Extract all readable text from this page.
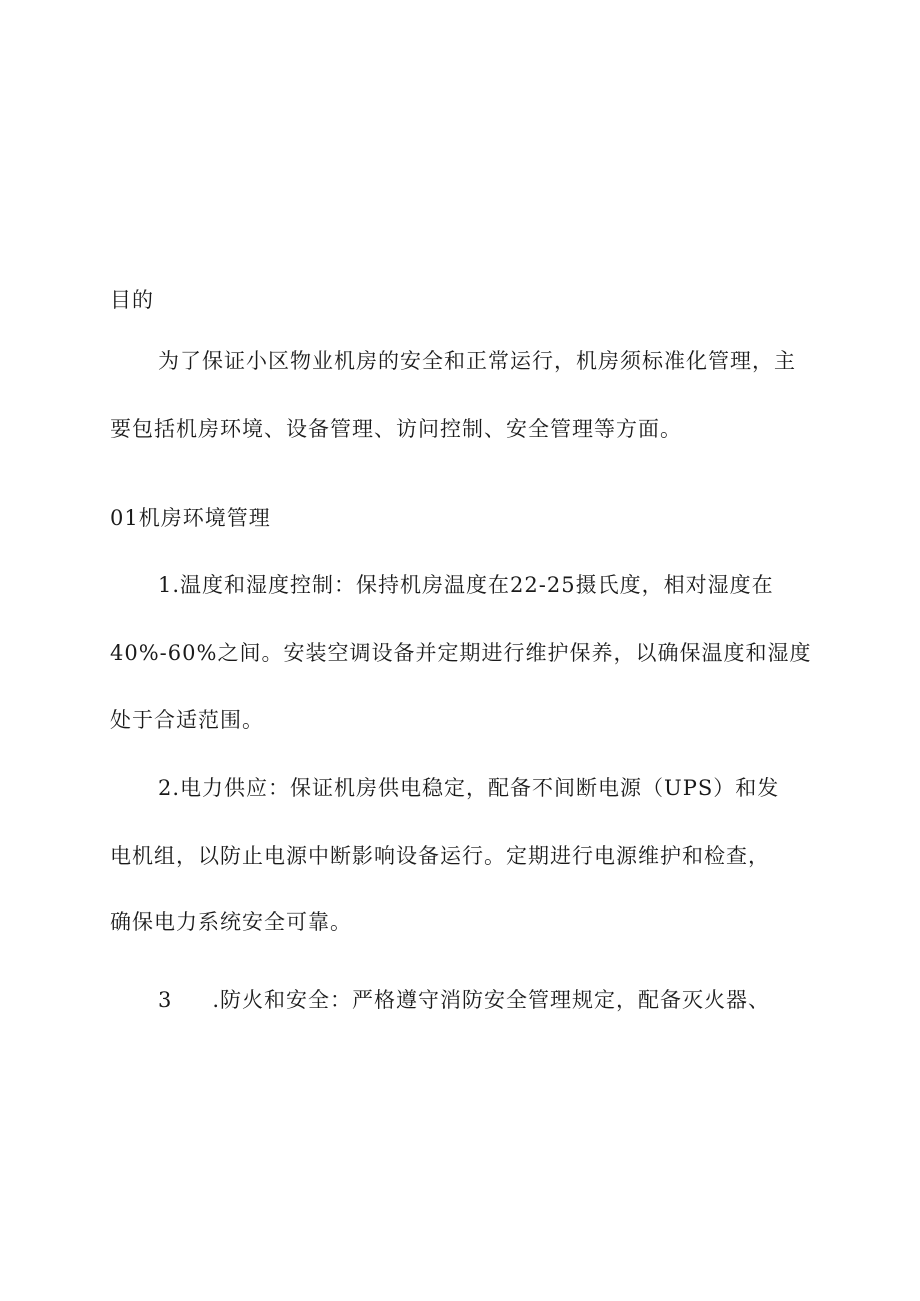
目的
为了保证小区物业机房的安全和正常运行，机房须标准化管理，主
要包括机房环境、设备管理、访问控制、安全管理等方面。
01机房环境管理
1.温度和湿度控制：保持机房温度在22-25摄氏度，相对湿度在
40%-60%之间。安装空调设备并定期进行维护保养，以确保温度和湿度
处于合适范围。
2.电力供应：保证机房供电稳定，配备不间断电源（UPS）和发
电机组，以防止电源中断影响设备运行。定期进行电源维护和检查，
确保电力系统安全可靠。
3 .防火和安全：严格遵守消防安全管理规定，配备灭火器、
